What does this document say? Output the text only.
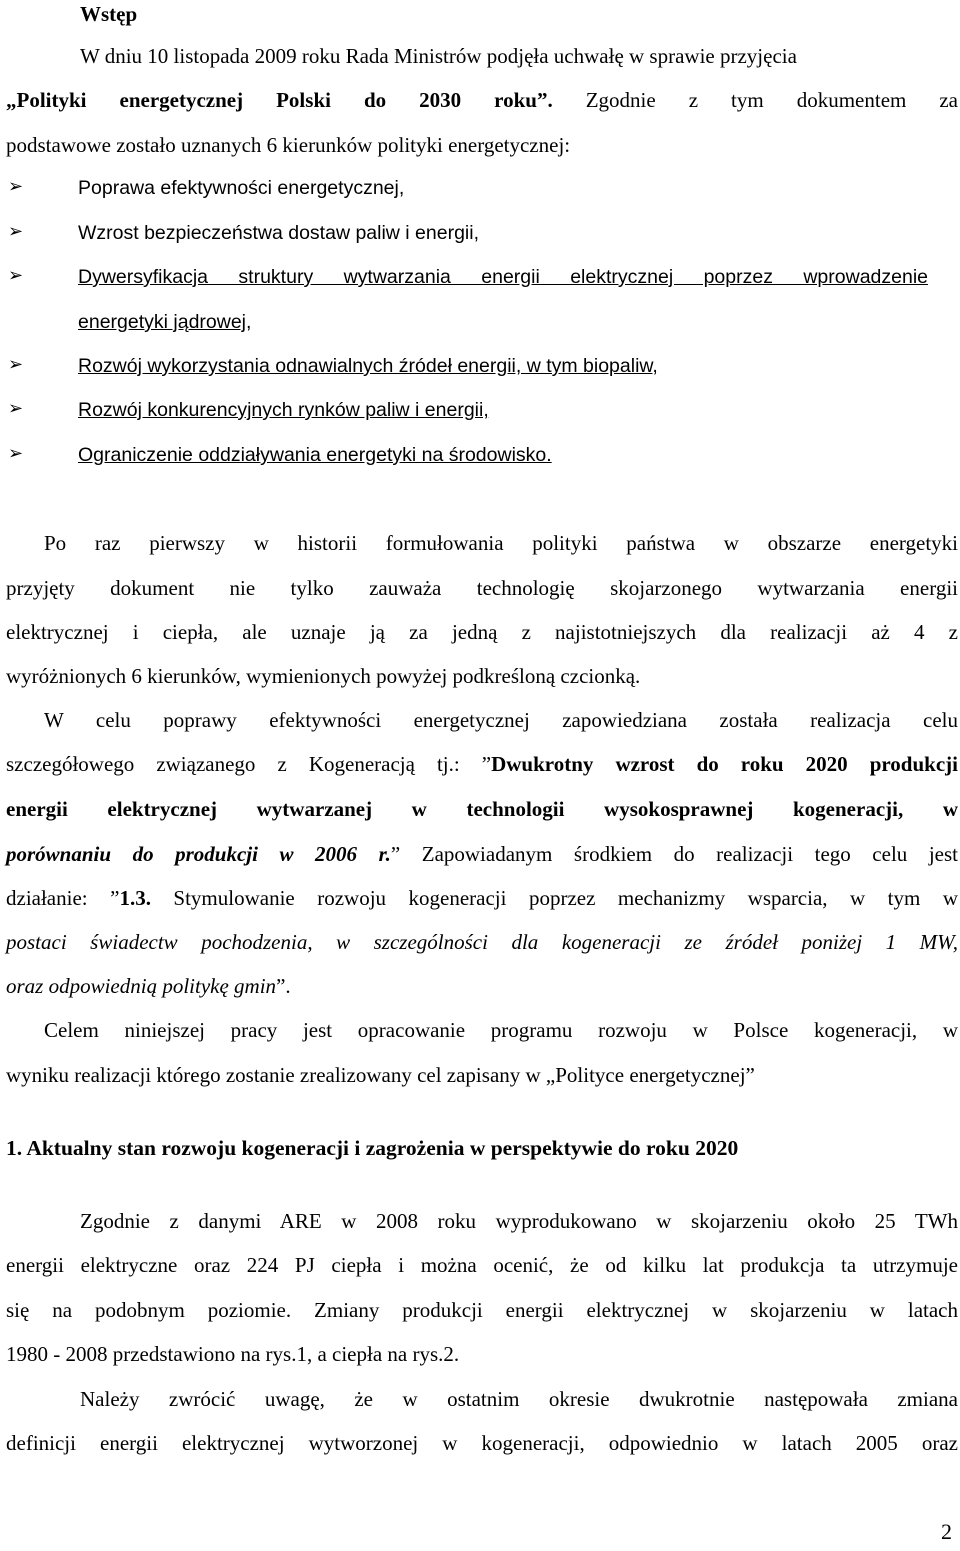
Wstęp
W dniu 10 listopada 2009 roku Rada Ministrów podjęła uchwałę w sprawie przyjęcia
„Polityki energetycznej Polski do 2030 roku”. Zgodnie z tym dokumentem za
podstawowe zostało uznanych 6 kierunków polityki energetycznej:
➢	Poprawa efektywności energetycznej,
➢	Wzrost bezpieczeństwa dostaw paliw i energii,
➢	Dywersyfikacja struktury wytwarzania energii elektrycznej poprzez wprowadzenie
energetyki jądrowej,
➢	Rozwój wykorzystania odnawialnych źródeł energii, w tym biopaliw,
➢	Rozwój konkurencyjnych rynków paliw i energii,
➢	Ograniczenie oddziaływania energetyki na środowisko.
Po raz pierwszy w historii formułowania polityki państwa w obszarze energetyki
przyjęty dokument nie tylko zauważa technologię skojarzonego wytwarzania energii
elektrycznej i ciepła, ale uznaje ją za jedną z najistotniejszych dla realizacji aż 4 z
wyróżnionych 6 kierunków, wymienionych powyżej podkreśloną czcionką.
W celu poprawy efektywności energetycznej zapowiedziana została realizacja celu
szczegółowego związanego z Kogeneracją tj.: ”Dwukrotny wzrost do roku 2020 produkcji
energii elektrycznej wytwarzanej w technologii wysokosprawnej kogeneracji, w
porównaniu do produkcji w 2006 r.” Zapowiadanym środkiem do realizacji tego celu jest
działanie: ”1.3. Stymulowanie rozwoju kogeneracji poprzez mechanizmy wsparcia, w tym w
postaci świadectw pochodzenia, w szczególności dla kogeneracji ze źródeł poniżej 1 MW,
oraz odpowiednią politykę gmin”.
Celem niniejszej pracy jest opracowanie programu rozwoju w Polsce kogeneracji, w
wyniku realizacji którego zostanie zrealizowany cel zapisany w „Polityce energetycznej”
1. Aktualny stan rozwoju kogeneracji i zagrożenia w perspektywie do roku 2020
Zgodnie z danymi ARE w 2008 roku wyprodukowano w skojarzeniu około 25 TWh
energii elektryczne oraz 224 PJ ciepła i można ocenić, że od kilku lat produkcja ta utrzymuje
się na podobnym poziomie. Zmiany produkcji energii elektrycznej w skojarzeniu w latach
1980 - 2008 przedstawiono na rys.1, a ciepła na rys.2.
Należy zwrócić uwagę, że w ostatnim okresie dwukrotnie następowała zmiana
definicji energii elektrycznej wytworzonej w kogeneracji, odpowiednio w latach 2005 oraz
2
